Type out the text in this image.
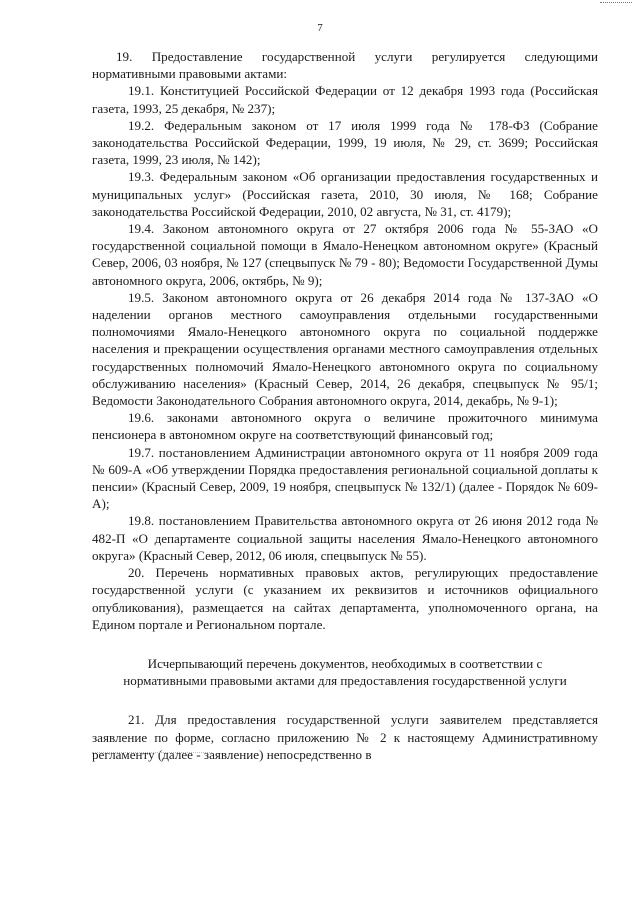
7

19. Предоставление государственной услуги регулируется следующими нормативными правовыми актами:

19.1. Конституцией Российской Федерации от 12 декабря 1993 года (Российская газета, 1993, 25 декабря, № 237);

19.2. Федеральным законом от 17 июля 1999 года № 178-ФЗ (Собрание законодательства Российской Федерации, 1999, 19 июля, № 29, ст. 3699; Российская газета, 1999, 23 июля, № 142);

19.3. Федеральным законом «Об организации предоставления государственных и муниципальных услуг» (Российская газета, 2010, 30 июля, № 168; Собрание законодательства Российской Федерации, 2010, 02 августа, № 31, ст. 4179);

19.4. Законом автономного округа от 27 октября 2006 года № 55-ЗАО «О государственной социальной помощи в Ямало-Ненецком автономном округе» (Красный Север, 2006, 03 ноября, № 127 (спецвыпуск № 79 - 80); Ведомости Государственной Думы автономного округа, 2006, октябрь, № 9);

19.5. Законом автономного округа от 26 декабря 2014 года № 137-ЗАО «О наделении органов местного самоуправления отдельными государственными полномочиями Ямало-Ненецкого автономного округа по социальной поддержке населения и прекращении осуществления органами местного самоуправления отдельных государственных полномочий Ямало-Ненецкого автономного округа по социальному обслуживанию населения» (Красный Север, 2014, 26 декабря, спецвыпуск № 95/1; Ведомости Законодательного Собрания автономного округа, 2014, декабрь, № 9-1);

19.6. законами автономного округа о величине прожиточного минимума пенсионера в автономном округе на соответствующий финансовый год;

19.7. постановлением Администрации автономного округа от 11 ноября 2009 года № 609-А «Об утверждении Порядка предоставления региональной социальной доплаты к пенсии» (Красный Север, 2009, 19 ноября, спецвыпуск № 132/1) (далее - Порядок № 609-А);

19.8. постановлением Правительства автономного округа от 26 июня 2012 года № 482-П «О департаменте социальной защиты населения Ямало-Ненецкого автономного округа» (Красный Север, 2012, 06 июля, спецвыпуск № 55).

20. Перечень нормативных правовых актов, регулирующих предоставление государственной услуги (с указанием их реквизитов и источников официального опубликования), размещается на сайтах департамента, уполномоченного органа, на Едином портале и Региональном портале.

Исчерпывающий перечень документов, необходимых в соответствии с
нормативными правовыми актами для предоставления государственной услуги

21. Для предоставления государственной услуги заявителем представляется заявление по форме, согласно приложению № 2 к настоящему Административному регламенту (далее - заявление) непосредственно в
